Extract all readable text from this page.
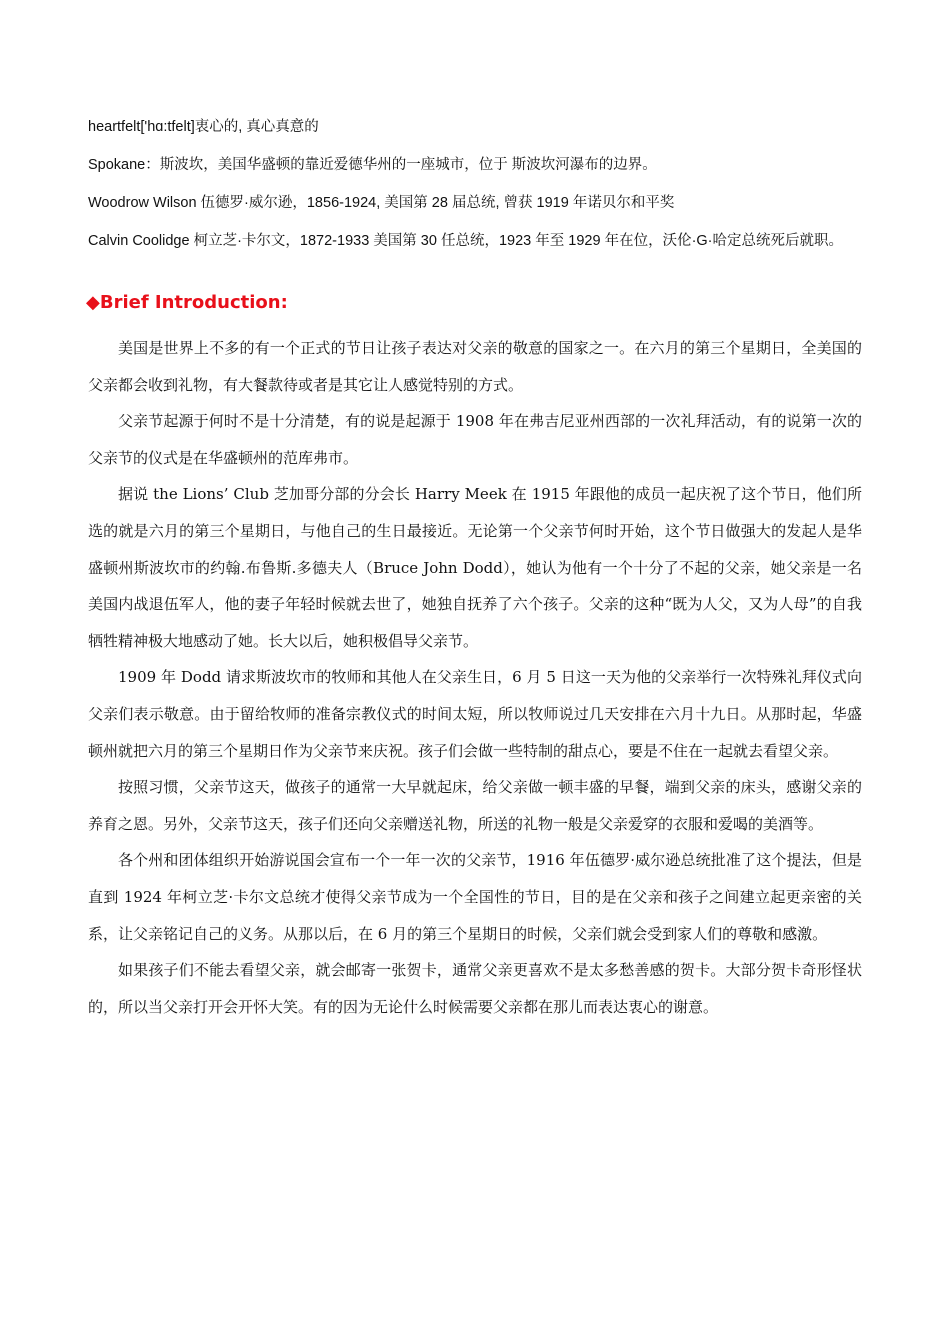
heartfelt['hɑ:tfelt]衷心的, 真心真意的
Spokane：斯波坎，美国华盛顿的靠近爱德华州的一座城市，位于 斯波坎河瀑布的边界。
Woodrow Wilson 伍德罗·威尔逊，1856-1924, 美国第 28 届总统, 曾获 1919 年诺贝尔和平奖
Calvin Coolidge 柯立芝·卡尔文，1872-1933 美国第 30 任总统，1923 年至 1929 年在位，沃伦·G·哈定总统死后就职。
◆Brief Introduction:

美国是世界上不多的有一个正式的节日让孩子表达对父亲的敬意的国家之一。在六月的第三个星期日，全美国的父亲都会收到礼物，有大餐款待或者是其它让人感觉特别的方式。

父亲节起源于何时不是十分清楚，有的说是起源于 1908 年在弗吉尼亚州西部的一次礼拜活动，有的说第一次的父亲节的仪式是在华盛顿州的范库弗市。

据说 the Lions’ Club 芝加哥分部的分会长 Harry Meek 在 1915 年跟他的成员一起庆祝了这个节日，他们所选的就是六月的第三个星期日，与他自己的生日最接近。无论第一个父亲节何时开始，这个节日做强大的发起人是华盛顿州斯波坎市的约翰.布鲁斯.多德夫人（Bruce John Dodd），她认为他有一个十分了不起的父亲，她父亲是一名美国内战退伍军人，他的妻子年轻时候就去世了，她独自抚养了六个孩子。父亲的这种“既为人父，又为人母”的自我牺牲精神极大地感动了她。长大以后，她积极倡导父亲节。

1909 年 Dodd 请求斯波坎市的牧师和其他人在父亲生日，6 月 5 日这一天为他的父亲举行一次特殊礼拜仪式向父亲们表示敬意。由于留给牧师的准备宗教仪式的时间太短，所以牧师说过几天安排在六月十九日。从那时起，华盛顿州就把六月的第三个星期日作为父亲节来庆祝。孩子们会做一些特制的甜点心，要是不住在一起就去看望父亲。

按照习惯，父亲节这天，做孩子的通常一大早就起床，给父亲做一顿丰盛的早餐，端到父亲的床头，感谢父亲的养育之恩。另外，父亲节这天，孩子们还向父亲赠送礼物，所送的礼物一般是父亲爱穿的衣服和爱喝的美酒等。

各个州和团体组织开始游说国会宣布一个一年一次的父亲节，1916 年伍德罗·威尔逊总统批准了这个提法，但是直到 1924 年柯立芝·卡尔文总统才使得父亲节成为一个全国性的节日，目的是在父亲和孩子之间建立起更亲密的关系，让父亲铭记自己的义务。从那以后，在 6 月的第三个星期日的时候，父亲们就会受到家人们的尊敬和感激。

如果孩子们不能去看望父亲，就会邮寄一张贺卡，通常父亲更喜欢不是太多愁善感的贺卡。大部分贺卡奇形怪状的，所以当父亲打开会开怀大笑。有的因为无论什么时候需要父亲都在那儿而表达衷心的谢意。
